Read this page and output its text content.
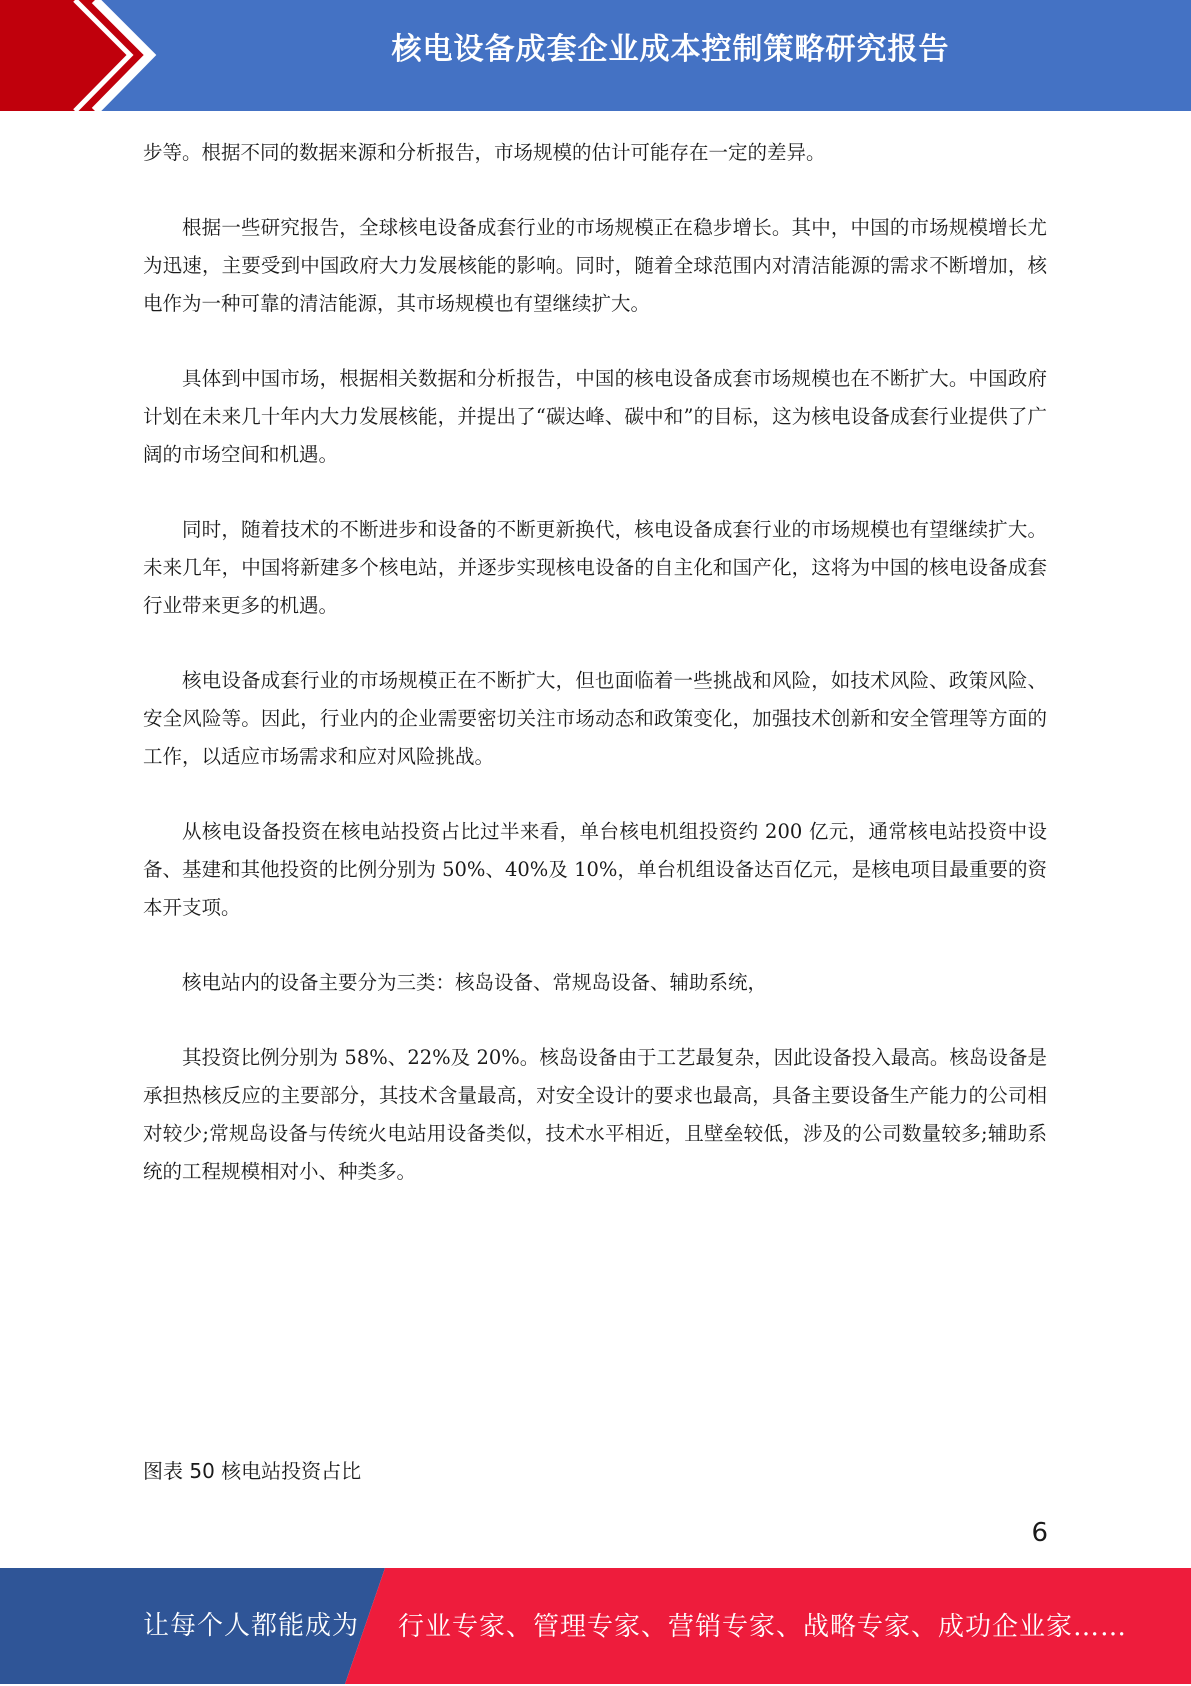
核电设备成套企业成本控制策略研究报告

步等。根据不同的数据来源和分析报告，市场规模的估计可能存在一定的差异。

根据一些研究报告，全球核电设备成套行业的市场规模正在稳步增长。其中，中国的市场规模增长尤为迅速，主要受到中国政府大力发展核能的影响。同时，随着全球范围内对清洁能源的需求不断增加，核电作为一种可靠的清洁能源，其市场规模也有望继续扩大。

具体到中国市场，根据相关数据和分析报告，中国的核电设备成套市场规模也在不断扩大。中国政府计划在未来几十年内大力发展核能，并提出了“碳达峰、碳中和”的目标，这为核电设备成套行业提供了广阔的市场空间和机遇。

同时，随着技术的不断进步和设备的不断更新换代，核电设备成套行业的市场规模也有望继续扩大。未来几年，中国将新建多个核电站，并逐步实现核电设备的自主化和国产化，这将为中国的核电设备成套行业带来更多的机遇。

核电设备成套行业的市场规模正在不断扩大，但也面临着一些挑战和风险，如技术风险、政策风险、安全风险等。因此，行业内的企业需要密切关注市场动态和政策变化，加强技术创新和安全管理等方面的工作，以适应市场需求和应对风险挑战。

从核电设备投资在核电站投资占比过半来看，单台核电机组投资约 200 亿元，通常核电站投资中设备、基建和其他投资的比例分别为 50%、40%及 10%，单台机组设备达百亿元，是核电项目最重要的资本开支项。

核电站内的设备主要分为三类：核岛设备、常规岛设备、辅助系统，

其投资比例分别为 58%、22%及 20%。核岛设备由于工艺最复杂，因此设备投入最高。核岛设备是承担热核反应的主要部分，其技术含量最高，对安全设计的要求也最高，具备主要设备生产能力的公司相对较少;常规岛设备与传统火电站用设备类似，技术水平相近，且壁垒较低，涉及的公司数量较多;辅助系统的工程规模相对小、种类多。

图表 50 核电站投资占比
6
让每个人都能成为 行业专家、管理专家、营销专家、战略专家、成功企业家……
